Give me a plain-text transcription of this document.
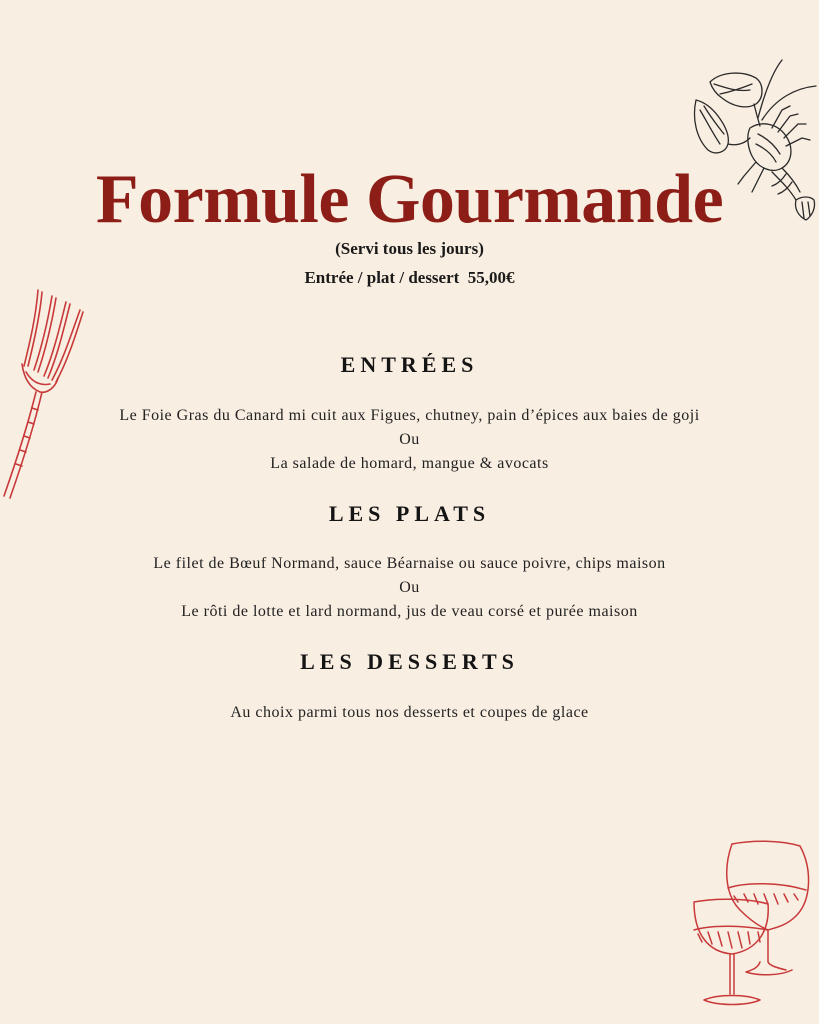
Formule Gourmande
(Servi tous les jours)
Entrée / plat / dessert  55,00€
ENTRÉES
Le Foie Gras du Canard mi cuit aux Figues, chutney, pain d’épices aux baies de goji
Ou
La salade de homard, mangue & avocats
LES PLATS
Le filet de Bœuf Normand, sauce Béarnaise ou sauce poivre, chips maison
Ou
Le rôti de lotte et lard normand, jus de veau corsé et purée maison
LES DESSERTS
Au choix parmi tous nos desserts et coupes de glace
